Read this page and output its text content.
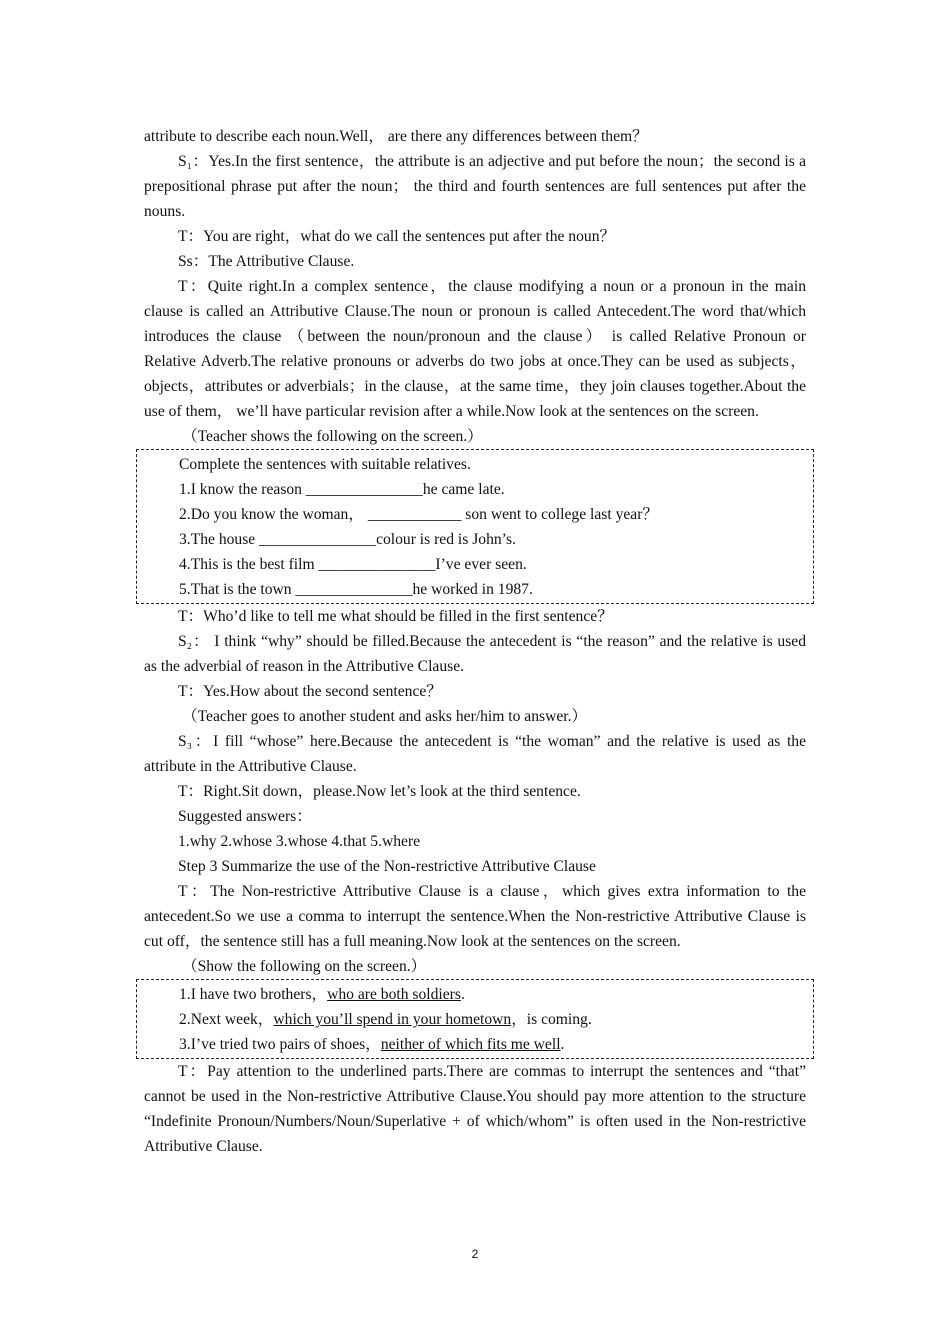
attribute to describe each noun.Well， are there any differences between them？

S₁：Yes.In the first sentence，the attribute is an adjective and put before the noun；the second is a prepositional phrase put after the noun； the third and fourth sentences are full sentences put after the nouns.

T：You are right，what do we call the sentences put after the noun？

Ss：The Attributive Clause.

T：Quite right.In a complex sentence，the clause modifying a noun or a pronoun in the main clause is called an Attributive Clause.The noun or pronoun is called Antecedent.The word that/which introduces the clause （between the noun/pronoun and the clause） is called Relative Pronoun or Relative Adverb.The relative pronouns or adverbs do two jobs at once.They can be used as subjects，objects，attributes or adverbials；in the clause，at the same time，they join clauses together.About the use of them， we’ll have particular revision after a while.Now look at the sentences on the screen.

（Teacher shows the following on the screen.）

Complete the sentences with suitable relatives.

1.I know the reason _______________he came late.

2.Do you know the woman， ____________ son went to college last year？

3.The house _______________colour is red is John’s.

4.This is the best film _______________I’ve ever seen.

5.That is the town _______________he worked in 1987.

T：Who’d like to tell me what should be filled in the first sentence？

S₂： I think “why” should be filled.Because the antecedent is “the reason” and the relative is used as the adverbial of reason in the Attributive Clause.

T：Yes.How about the second sentence？

（Teacher goes to another student and asks her/him to answer.）

S₃：I fill “whose” here.Because the antecedent is “the woman” and the relative is used as the attribute in the Attributive Clause.

T：Right.Sit down，please.Now let’s look at the third sentence.

Suggested answers：

1.why 2.whose 3.whose 4.that 5.where

Step 3 Summarize the use of the Non-restrictive Attributive Clause

T：The Non-restrictive Attributive Clause is a clause，which gives extra information to the antecedent.So we use a comma to interrupt the sentence.When the Non-restrictive Attributive Clause is cut off，the sentence still has a full meaning.Now look at the sentences on the screen.

（Show the following on the screen.）

1.I have two brothers，who are both soldiers.

2.Next week，which you’ll spend in your hometown，is coming.

3.I’ve tried two pairs of shoes，neither of which fits me well.

T：Pay attention to the underlined parts.There are commas to interrupt the sentences and “that” cannot be used in the Non-restrictive Attributive Clause.You should pay more attention to the structure “Indefinite Pronoun/Numbers/Noun/Superlative + of which/whom” is often used in the Non-restrictive Attributive Clause.

2
